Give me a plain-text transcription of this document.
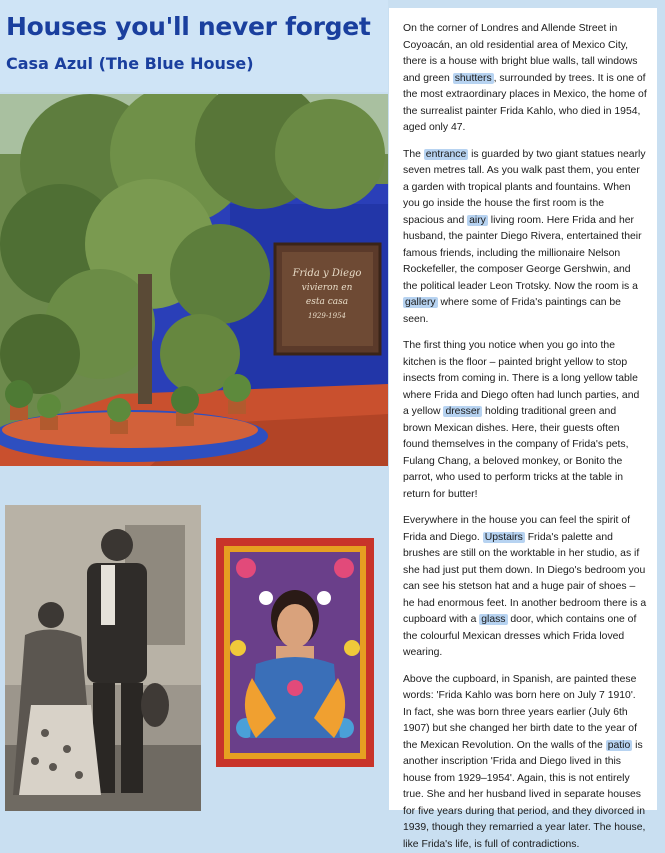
Houses you'll never forget
Casa Azul (The Blue House)
Frida y Diego
vivieron en
esta casa
1929-1954

On the corner of Londres and Allende Street in Coyoacán, an old residential area of Mexico City, there is a house with bright blue walls, tall windows and green shutters , surrounded by trees. It is one of the most extraordinary places in Mexico, the home of the surrealist painter Frida Kahlo, who died in 1954, aged only 47.

The entrance is guarded by two giant statues nearly seven metres tall. As you walk past them, you enter a garden with tropical plants and fountains. When you go inside the house the first room is the spacious and airy living room. Here Frida and her husband, the painter Diego Rivera, entertained their famous friends, including the millionaire Nelson Rockefeller, the composer George Gershwin, and the political leader Leon Trotsky. Now the room is a gallery where some of Frida's paintings can be seen.

The first thing you notice when you go into the kitchen is the floor – painted bright yellow to stop insects from coming in. There is a long yellow table where Frida and Diego often had lunch parties, and a yellow dresser holding traditional green and brown Mexican dishes. Here, their guests often found themselves in the company of Frida's pets, Fulang Chang, a beloved monkey, or Bonito the parrot, who used to perform tricks at the table in return for butter!

Everywhere in the house you can feel the spirit of Frida and Diego. Upstairs Frida's palette and brushes are still on the worktable in her studio, as if she had just put them down. In Diego's bedroom you can see his stetson hat and a huge pair of shoes – he had enormous feet. In another bedroom there is a cupboard with a glass door, which contains one of the colourful Mexican dresses which Frida loved wearing.

Above the cupboard, in Spanish, are painted these words: 'Frida Kahlo was born here on July 7 1910'. In fact, she was born three years earlier (July 6th 1907) but she changed her birth date to the year of the Mexican Revolution. On the walls of the patio is another inscription 'Frida and Diego lived in this house from 1929–1954'. Again, this is not entirely true. She and her husband lived in separate houses for five years during that period, and they divorced in 1939, though they remarried a year later. The house, like Frida's life, is full of contradictions.
